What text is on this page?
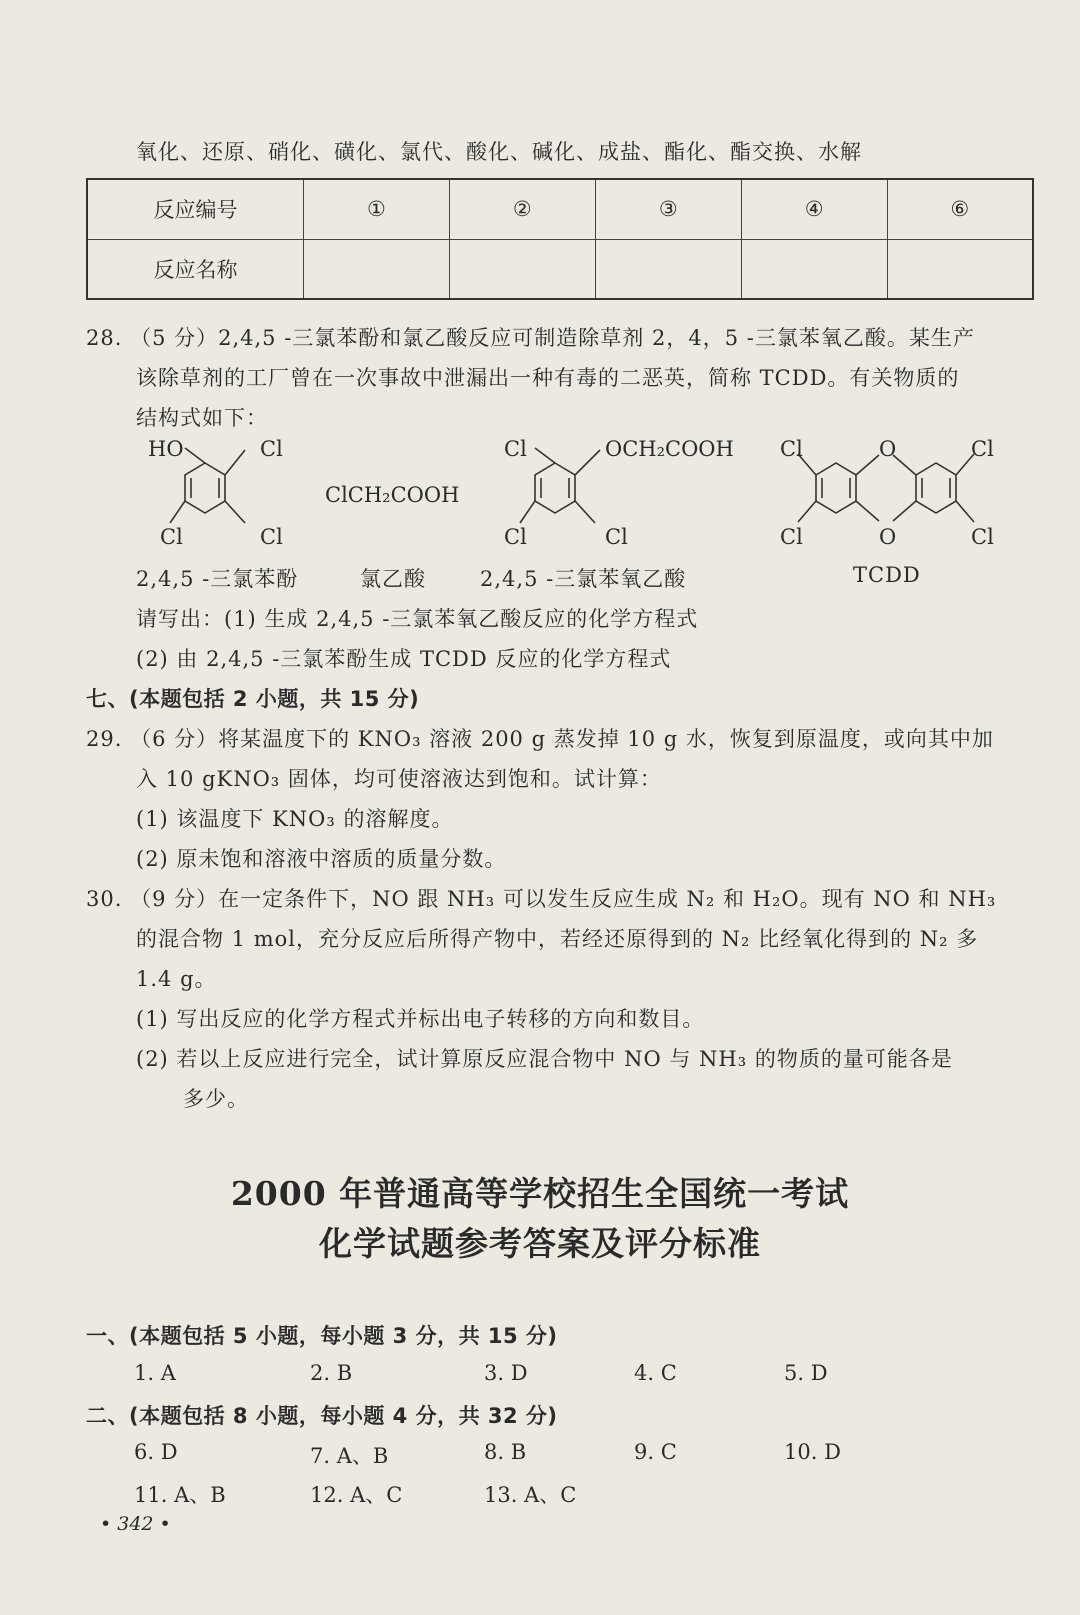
氧化、还原、硝化、磺化、氯代、酸化、碱化、成盐、酯化、酯交换、水解
反应编号	①	②	③	④	⑥
反应名称					
28. （5 分）2,4,5 -三氯苯酚和氯乙酸反应可制造除草剂 2，4，5 -三氯苯氧乙酸。某生产
该除草剂的工厂曾在一次事故中泄漏出一种有毒的二恶英，简称 TCDD。有关物质的
结构式如下：
HO	Cl
Cl	Cl
ClCH₂COOH
Cl	OCH₂COOH
Cl	Cl
Cl	O	Cl
Cl	O	Cl
2,4,5 -三氯苯酚	氯乙酸	2,4,5 -三氯苯氧乙酸	TCDD
请写出：(1) 生成 2,4,5 -三氯苯氧乙酸反应的化学方程式
(2) 由 2,4,5 -三氯苯酚生成 TCDD 反应的化学方程式
七、(本题包括 2 小题，共 15 分)
29. （6 分）将某温度下的 KNO₃ 溶液 200 g 蒸发掉 10 g 水，恢复到原温度，或向其中加
入 10 gKNO₃ 固体，均可使溶液达到饱和。试计算：
(1) 该温度下 KNO₃ 的溶解度。
(2) 原未饱和溶液中溶质的质量分数。
30. （9 分）在一定条件下，NO 跟 NH₃ 可以发生反应生成 N₂ 和 H₂O。现有 NO 和 NH₃
的混合物 1 mol，充分反应后所得产物中，若经还原得到的 N₂ 比经氧化得到的 N₂ 多
1.4 g。
(1) 写出反应的化学方程式并标出电子转移的方向和数目。
(2) 若以上反应进行完全，试计算原反应混合物中 NO 与 NH₃ 的物质的量可能各是
多少。
2000 年普通高等学校招生全国统一考试
化学试题参考答案及评分标准
一、(本题包括 5 小题，每小题 3 分，共 15 分)
1. A	2. B	3. D	4. C	5. D
二、(本题包括 8 小题，每小题 4 分，共 32 分)
6. D	7. A、B	8. B	9. C	10. D
11. A、B	12. A、C	13. A、C
• 342 •
